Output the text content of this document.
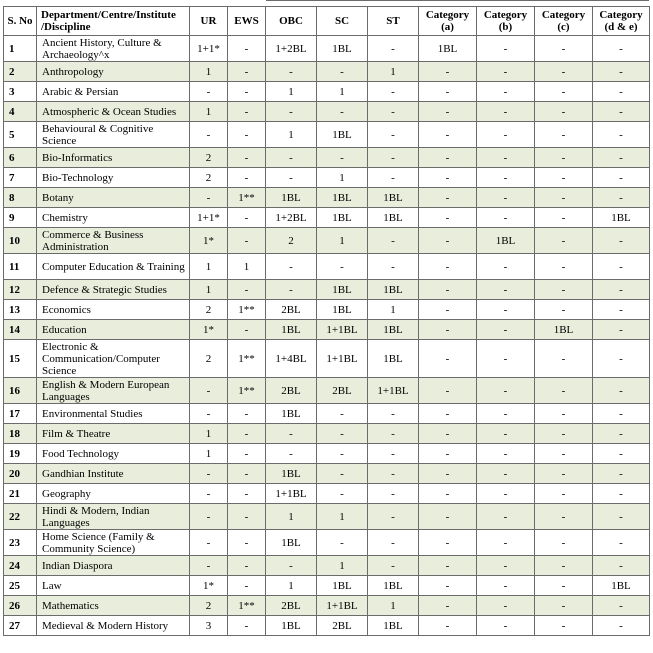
S. No	Department/Centre/Institute /Discipline	UR	EWS	OBC	SC	ST	Category (a)	Category (b)	Category (c)	Category (d & e)
1	Ancient History, Culture & Archaeology^x	1+1*	-	1+2BL	1BL	-	1BL	-	-	-
2	Anthropology	1	-	-	-	1	-	-	-	-
3	Arabic & Persian	-	-	1	1	-	-	-	-	-
4	Atmospheric & Ocean Studies	1	-	-	-	-	-	-	-	-
5	Behavioural & Cognitive Science	-	-	1	1BL	-	-	-	-	-
6	Bio-Informatics	2	-	-	-	-	-	-	-	-
7	Bio-Technology	2	-	-	1	-	-	-	-	-
8	Botany	-	1**	1BL	1BL	1BL	-	-	-	-
9	Chemistry	1+1*	-	1+2BL	1BL	1BL	-	-	-	1BL
10	Commerce & Business Administration	1*	-	2	1	-	-	1BL	-	-
11	Computer Education & Training	1	1	-	-	-	-	-	-	-
12	Defence & Strategic Studies	1	-	-	1BL	1BL	-	-	-	-
13	Economics	2	1**	2BL	1BL	1	-	-	-	-
14	Education	1*	-	1BL	1+1BL	1BL	-	-	1BL	-
15	Electronic & Communication/Computer Science	2	1**	1+4BL	1+1BL	1BL	-	-	-	-
16	English & Modern European Languages	-	1**	2BL	2BL	1+1BL	-	-	-	-
17	Environmental Studies	-	-	1BL	-	-	-	-	-	-
18	Film & Theatre	1	-	-	-	-	-	-	-	-
19	Food Technology	1	-	-	-	-	-	-	-	-
20	Gandhian Institute	-	-	1BL	-	-	-	-	-	-
21	Geography	-	-	1+1BL	-	-	-	-	-	-
22	Hindi & Modern, Indian Languages	-	-	1	1	-	-	-	-	-
23	Home Science (Family & Community Science)	-	-	1BL	-	-	-	-	-	-
24	Indian Diaspora	-	-	-	1	-	-	-	-	-
25	Law	1*	-	1	1BL	1BL	-	-	-	1BL
26	Mathematics	2	1**	2BL	1+1BL	1	-	-	-	-
27	Medieval & Modern History	3	-	1BL	2BL	1BL	-	-	-	-
